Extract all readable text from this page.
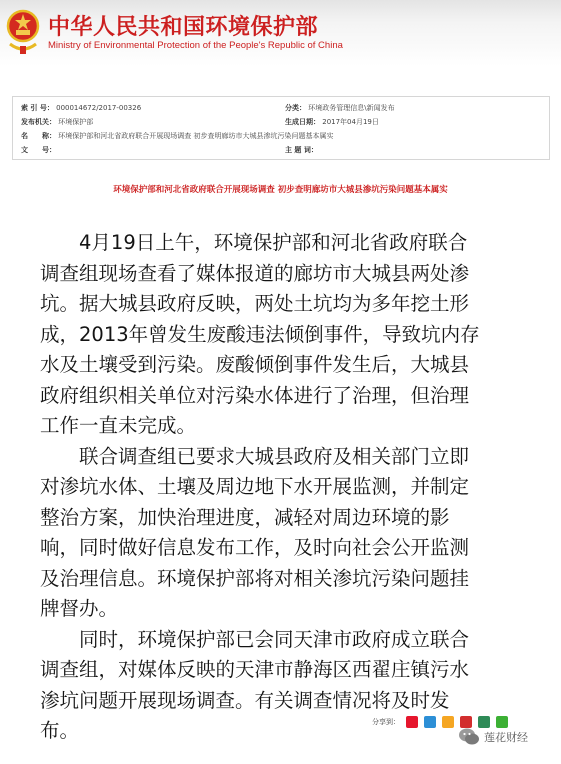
中华人民共和国环境保护部
Ministry of Environmental Protection of the People's Republic of China
索 引 号： 000014672/2017-00326	分类： 环境政务管理信息\新闻发布
发布机关： 环境保护部	生成日期： 2017年04月19日
名　　称： 环境保护部和河北省政府联合开展现场调查 初步查明廊坊市大城县渗坑污染问题基本属实
文　　号：	主 题 词：
环境保护部和河北省政府联合开展现场调查 初步查明廊坊市大城县渗坑污染问题基本属实
　　4月19日上午，环境保护部和河北省政府联合
调查组现场查看了媒体报道的廊坊市大城县两处渗
坑。据大城县政府反映，两处土坑均为多年挖土形
成，2013年曾发生废酸违法倾倒事件，导致坑内存
水及土壤受到污染。废酸倾倒事件发生后，大城县
政府组织相关单位对污染水体进行了治理，但治理
工作一直未完成。
　　联合调查组已要求大城县政府及相关部门立即
对渗坑水体、土壤及周边地下水开展监测，并制定
整治方案，加快治理进度，减轻对周边环境的影
响，同时做好信息发布工作，及时向社会公开监测
及治理信息。环境保护部将对相关渗坑污染问题挂
牌督办。
　　同时，环境保护部已会同天津市政府成立联合
调查组，对媒体反映的天津市静海区西翟庄镇污水
渗坑问题开展现场调查。有关调查情况将及时发
布。	分享到：
莲花财经
